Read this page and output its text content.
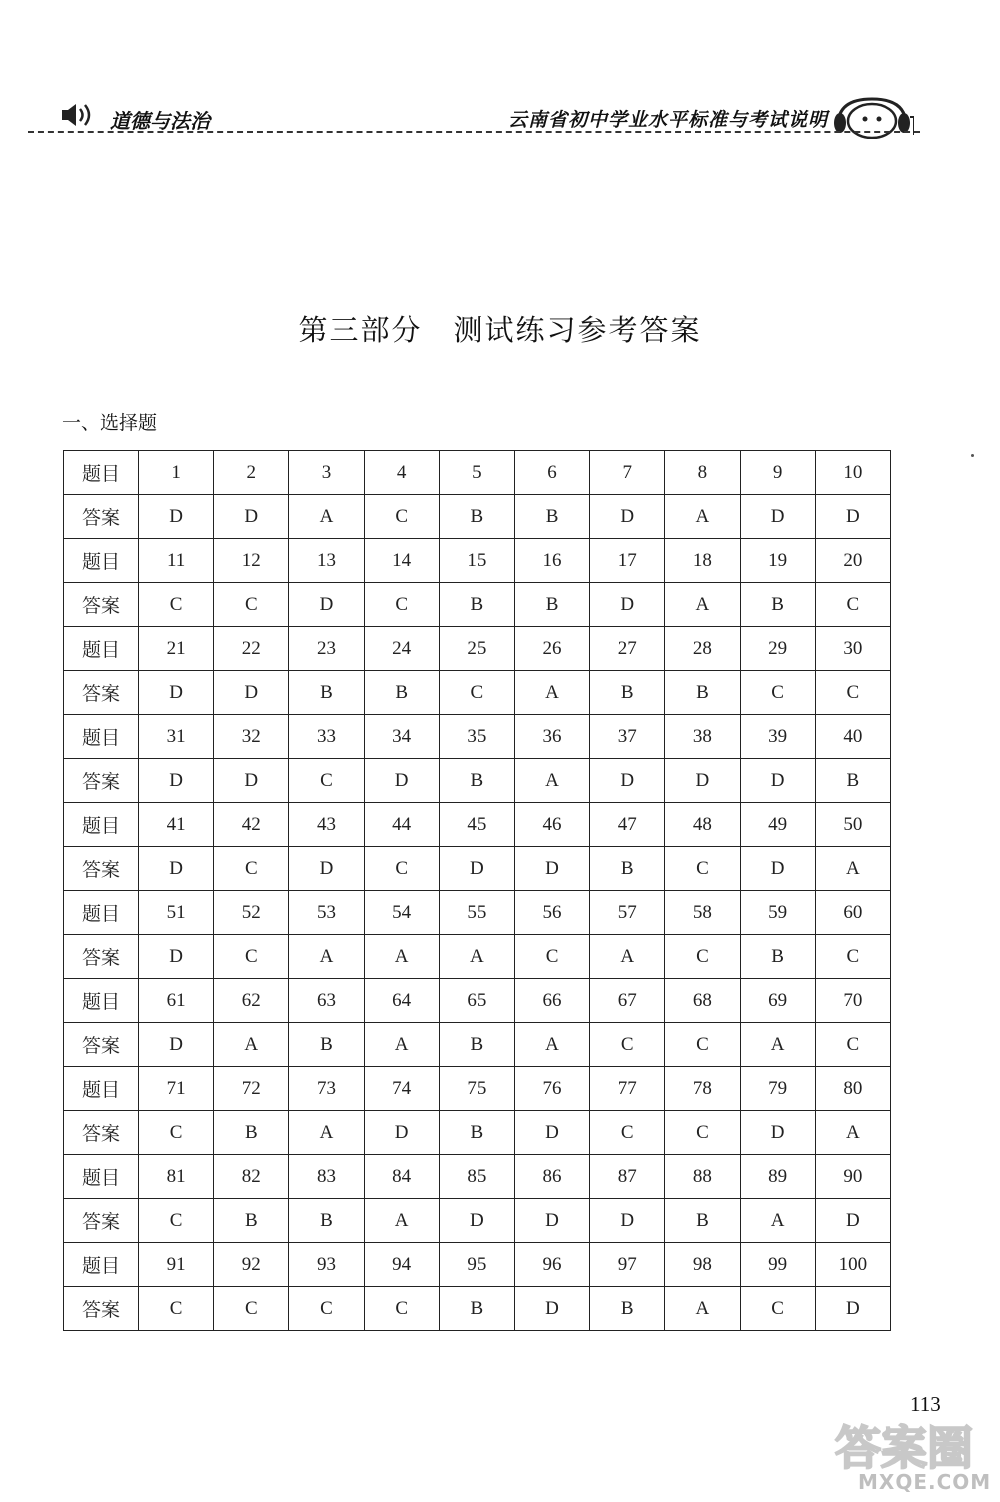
道德与法治	云南省初中学业水平标准与考试说明
第三部分　测试练习参考答案
一、选择题
题目	1	2	3	4	5	6	7	8	9	10
答案	D	D	A	C	B	B	D	A	D	D
题目	11	12	13	14	15	16	17	18	19	20
答案	C	C	D	C	B	B	D	A	B	C
题目	21	22	23	24	25	26	27	28	29	30
答案	D	D	B	B	C	A	B	B	C	C
题目	31	32	33	34	35	36	37	38	39	40
答案	D	D	C	D	B	A	D	D	D	B
题目	41	42	43	44	45	46	47	48	49	50
答案	D	C	D	C	D	D	B	C	D	A
题目	51	52	53	54	55	56	57	58	59	60
答案	D	C	A	A	A	C	A	C	B	C
题目	61	62	63	64	65	66	67	68	69	70
答案	D	A	B	A	B	A	C	C	A	C
题目	71	72	73	74	75	76	77	78	79	80
答案	C	B	A	D	B	D	C	C	D	A
题目	81	82	83	84	85	86	87	88	89	90
答案	C	B	B	A	D	D	D	B	A	D
题目	91	92	93	94	95	96	97	98	99	100
答案	C	C	C	C	B	D	B	A	C	D
113
答案圈
MXQE.COM
